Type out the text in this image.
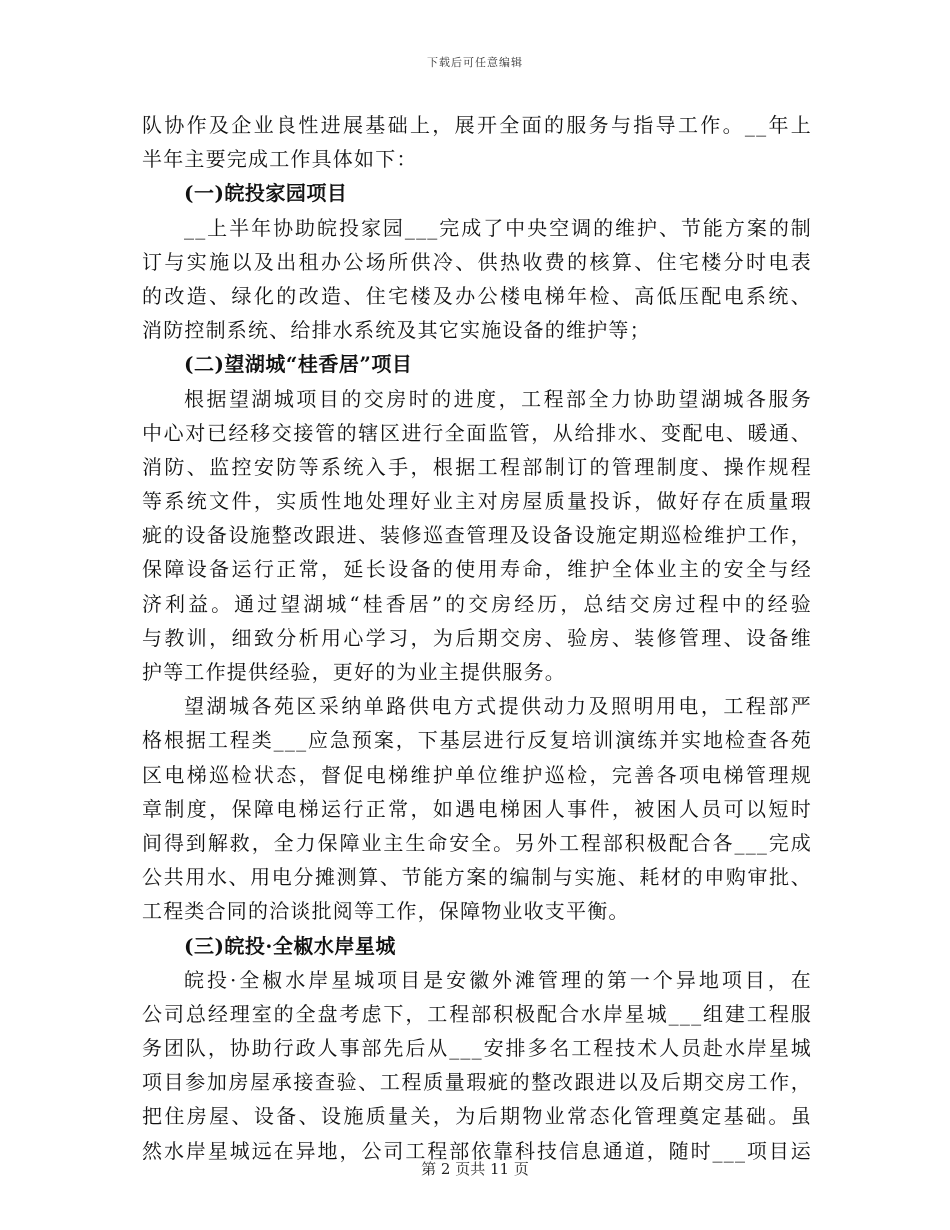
下载后可任意编辑
队协作及企业良性进展基础上，展开全面的服务与指导工作。__年上
半年主要完成工作具体如下：
(一)皖投家园项目
__上半年协助皖投家园___完成了中央空调的维护、节能方案的制
订与实施以及出租办公场所供冷、供热收费的核算、住宅楼分时电表
的改造、绿化的改造、住宅楼及办公楼电梯年检、高低压配电系统、
消防控制系统、给排水系统及其它实施设备的维护等；
(二)望湖城“桂香居”项目
根据望湖城项目的交房时的进度，工程部全力协助望湖城各服务
中心对已经移交接管的辖区进行全面监管，从给排水、变配电、暖通、
消防、监控安防等系统入手，根据工程部制订的管理制度、操作规程
等系统文件，实质性地处理好业主对房屋质量投诉，做好存在质量瑕
疵的设备设施整改跟进、装修巡查管理及设备设施定期巡检维护工作，
保障设备运行正常，延长设备的使用寿命，维护全体业主的安全与经
济利益。通过望湖城“桂香居”的交房经历，总结交房过程中的经验
与教训，细致分析用心学习，为后期交房、验房、装修管理、设备维
护等工作提供经验，更好的为业主提供服务。
望湖城各苑区采纳单路供电方式提供动力及照明用电，工程部严
格根据工程类___应急预案，下基层进行反复培训演练并实地检查各苑
区电梯巡检状态，督促电梯维护单位维护巡检，完善各项电梯管理规
章制度，保障电梯运行正常，如遇电梯困人事件，被困人员可以短时
间得到解救，全力保障业主生命安全。另外工程部积极配合各___完成
公共用水、用电分摊测算、节能方案的编制与实施、耗材的申购审批、
工程类合同的洽谈批阅等工作，保障物业收支平衡。
(三)皖投·全椒水岸星城
皖投·全椒水岸星城项目是安徽外滩管理的第一个异地项目，在
公司总经理室的全盘考虑下，工程部积极配合水岸星城___组建工程服
务团队，协助行政人事部先后从___安排多名工程技术人员赴水岸星城
项目参加房屋承接查验、工程质量瑕疵的整改跟进以及后期交房工作，
把住房屋、设备、设施质量关，为后期物业常态化管理奠定基础。虽
然水岸星城远在异地，公司工程部依靠科技信息通道，随时___项目运
第 2 页共 11 页
